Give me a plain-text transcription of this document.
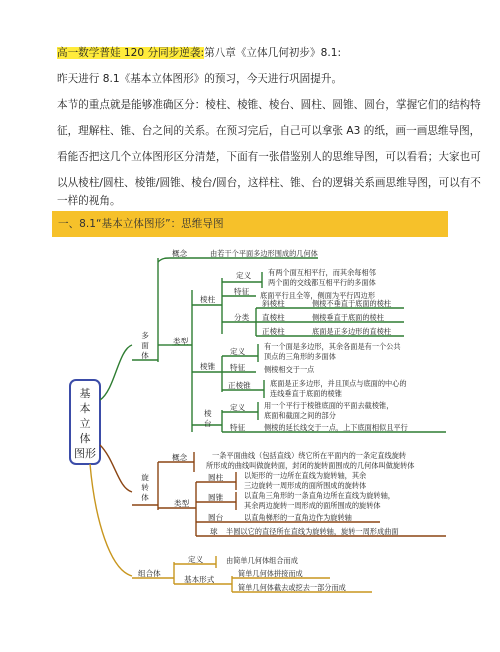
高一数学普娃 120 分同步逆袭:第八章《立体几何初步》8.1:
昨天进行 8.1《基本立体图形》的预习，今天进行巩固提升。
本节的重点就是能够准确区分：棱柱、棱锥、棱台、圆柱、圆锥、圆台，掌握它们的结构特
征，理解柱、锥、台之间的关系。在预习完后，自己可以拿张 A3 的纸，画一画思维导图，
看能否把这几个立体图形区分清楚，下面有一张借鉴别人的思维导图，可以看看；大家也可
以从棱柱/圆柱、棱锥/圆锥、棱台/圆台，这样柱、锥、台的逻辑关系画思维导图，可以有不
一样的视角。
一、8.1“基本立体图形”：思维导图
基
本
立
体
图形
多
面
体
概念	由若干个平面多边形围成的几何体
类型
棱柱
定义 有两个面互相平行，而其余每相邻
两个面的交线都互相平行的多面体
特征 底面平行且全等，侧面为平行四边形
分类
斜棱柱	侧棱不垂直于底面的棱柱
直棱柱	侧棱垂直于底面的棱柱
正棱柱	底面是正多边形的直棱柱
棱锥
定义
有一个面是多边形，其余各面是有一个公共
顶点的三角形的多面体
特征	侧棱相交于一点
正棱锥	底面是正多边形，并且顶点与底面的中心的
连线垂直于底面的棱锥
棱
台
定义	用一个平行于棱锥底面的平面去截棱锥，
底面和截面之间的部分
特征	侧棱的延长线交于一点，上下底面相似且平行
旋
转
体
概念	一条平面曲线（包括直线）绕它所在平面内的一条定直线旋转
所形成的曲线叫做旋转面，封闭的旋转面围成的几何体叫做旋转体
类型
圆柱	以矩形的一边所在直线为旋转轴，其余
三边旋转一周形成的面所围成的旋转体
圆锥	以直角三角形的一条直角边所在直线为旋转轴，
其余两边旋转一周形成的面所围成的旋转体
圆台	以直角梯形的一直角边作为旋转轴
球 半圆以它的直径所在直线为旋转轴，旋转一周形成曲面
组合体
定义	由简单几何体组合而成
基本形式
简单几何体拼接而成
简单几何体截去或挖去一部分而成
